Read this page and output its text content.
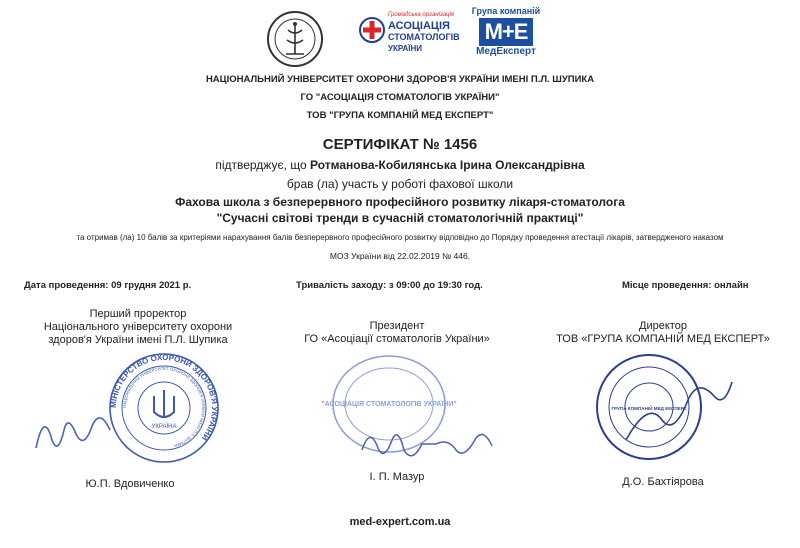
Громадська організація
АСОЦІАЦІЯ
СТОМАТОЛОГІВ
УКРАЇНИ
Група компаній
М+Е
МедЕксперт
НАЦІОНАЛЬНИЙ УНІВЕРСИТЕТ ОХОРОНИ ЗДОРОВ'Я УКРАЇНИ ІМЕНІ П.Л. ШУПИКА
ГО "АСОЦІАЦІЯ СТОМАТОЛОГІВ УКРАЇНИ"
ТОВ "ГРУПА КОМПАНІЙ МЕД ЕКСПЕРТ"
СЕРТИФІКАТ № 1456
підтверджує, що Ротманова-Кобилянська Ірина Олександрівна
брав (ла) участь у роботі фахової школи
Фахова школа з безперервного професійного розвитку лікаря-стоматолога
"Сучасні світові тренди в сучасній стоматологічній практиці"
та отримав (ла) 10 балів за критеріями нарахування балів безперервного професійного розвитку відповідно до Порядку проведення атестації лікарів, затвердженого наказом
МОЗ України від 22.02.2019 № 446.
Дата проведення: 09 грудня 2021 р.	Тривалість заходу: з 09:00 до 19:30 год.	Місце проведення: онлайн
Перший проректор
Національного університету охорони
здоров'я України імені П.Л. Шупика
МІНІСТЕРСТВО ОХОРОНИ ЗДОРОВ'Я УКРАЇНИ
НАЦІОНАЛЬНИЙ УНІВЕРСИТЕТ ОХОРОНИ ЗДОРОВ'Я УКРАЇНИ ІМЕНІ П.Л. ШУПИКА
УКРАЇНА
Ю.П. Вдовиченко
Президент
ГО «Асоціації стоматологів України»
"АСОЦІАЦІЯ СТОМАТОЛОГІВ УКРАЇНИ"
І. П. Мазур
Директор
ТОВ «ГРУПА КОМПАНІЙ МЕД ЕКСПЕРТ»
ГРУПА КОМПАНІЙ МЕД ЕКСПЕРТ
Д.О. Бахтіярова
med-expert.com.ua
